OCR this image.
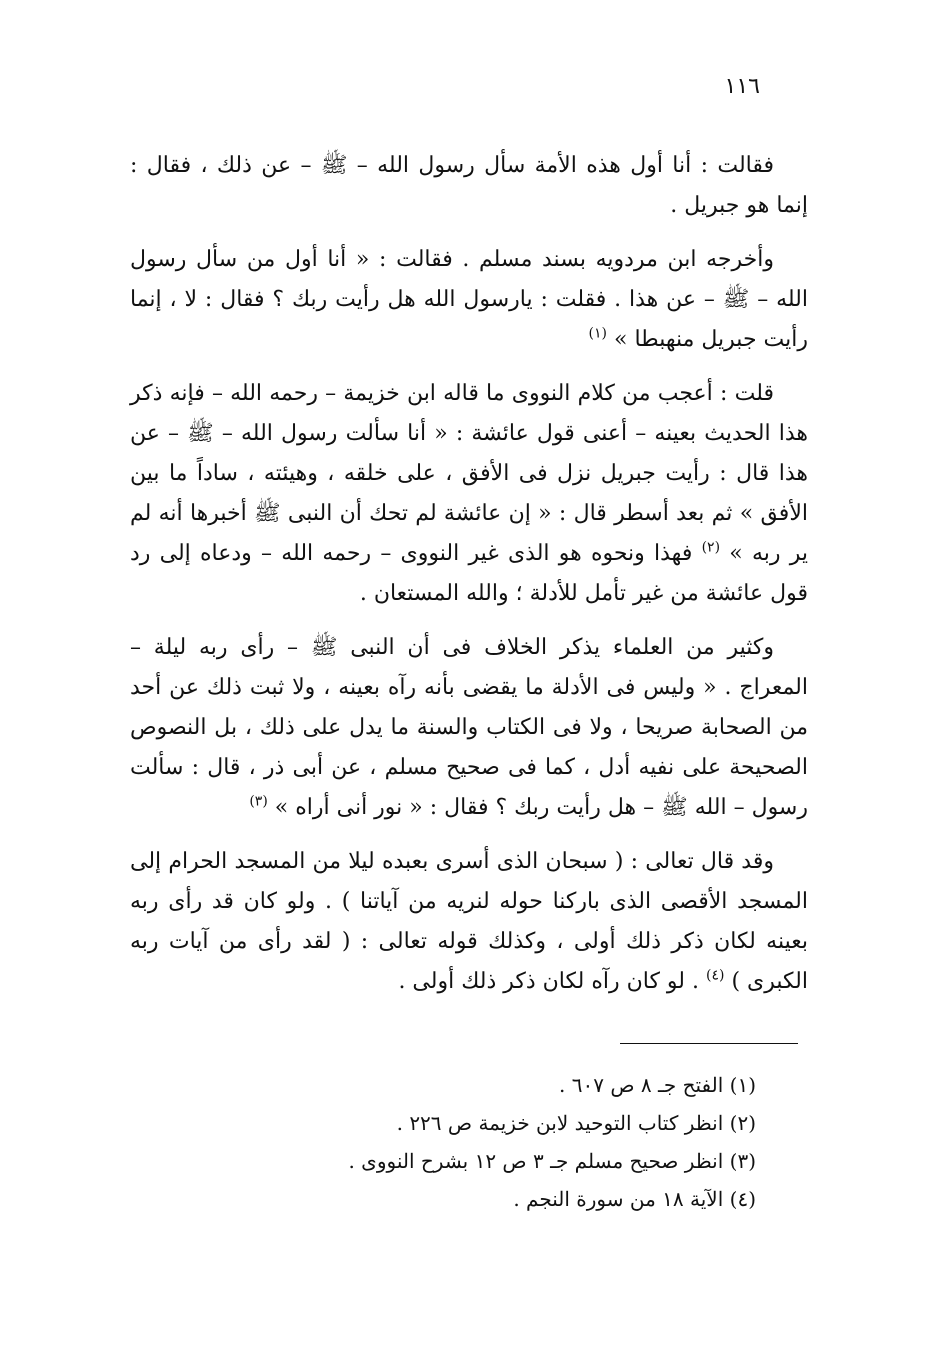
١١٦

فقالت : أنا أول هذه الأمة سأل رسول الله – ﷺ – عن ذلك ، فقال : إنما هو جبريل .

وأخرجه ابن مردويه بسند مسلم . فقالت : « أنا أول من سأل رسول الله – ﷺ – عن هذا . فقلت : يارسول الله هل رأيت ربك ؟ فقال : لا ، إنما رأيت جبريل منهبطا » $^{(١)}$

قلت : أعجب من كلام النووى ما قاله ابن خزيمة – رحمه الله – فإنه ذكر هذا الحديث بعينه – أعنى قول عائشة : « أنا سألت رسول الله – ﷺ – عن هذا قال : رأيت جبريل نزل فى الأفق ، على خلقه ، وهيئته ، ساداً ما بين الأفق » ثم بعد أسطر قال : « إن عائشة لم تحك أن النبى ﷺ أخبرها أنه لم ير ربه » $^{(٢)}$ فهذا ونحوه هو الذى غير النووى – رحمه الله – ودعاه إلى رد قول عائشة من غير تأمل للأدلة ؛ والله المستعان .

وكثير من العلماء يذكر الخلاف فى أن النبى ﷺ – رأى ربه ليلة – المعراج . « وليس فى الأدلة ما يقضى بأنه رآه بعينه ، ولا ثبت ذلك عن أحد من الصحابة صريحا ، ولا فى الكتاب والسنة ما يدل على ذلك ، بل النصوص الصحيحة على نفيه أدل ، كما فى صحيح مسلم ، عن أبى ذر ، قال : سألت رسول – الله ﷺ – هل رأيت ربك ؟ فقال : « نور أنى أراه » $^{(٣)}$

وقد قال تعالى : ( سبحان الذى أسرى بعبده ليلا من المسجد الحرام إلى المسجد الأقصى الذى باركنا حوله لنريه من آياتنا ) . ولو كان قد رأى ربه بعينه لكان ذكر ذلك أولى ، وكذلك قوله تعالى : ( لقد رأى من آيات ربه الكبرى ) $^{(٤)}$ . لو كان رآه لكان ذكر ذلك أولى .

(١) الفتح جـ ٨ ص ٦٠٧ .
(٢) انظر كتاب التوحيد لابن خزيمة ص ٢٢٦ .
(٣) انظر صحيح مسلم جـ ٣ ص ١٢ بشرح النووى .
(٤) الآية ١٨ من سورة النجم .
